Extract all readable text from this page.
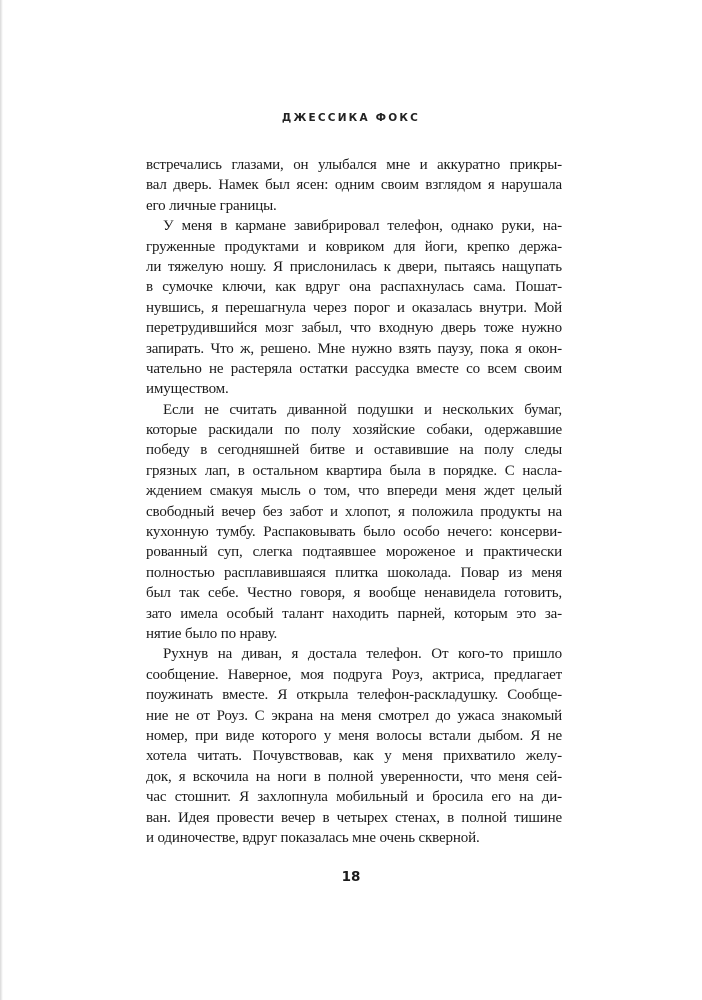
ДЖЕССИКА ФОКС
встречались глазами, он улыбался мне и аккуратно прикры-
вал дверь. Намек был ясен: одним своим взглядом я нарушала
его личные границы.
У меня в кармане завибрировал телефон, однако руки, на-
груженные продуктами и ковриком для йоги, крепко держа-
ли тяжелую ношу. Я прислонилась к двери, пытаясь нащупать
в сумочке ключи, как вдруг она распахнулась сама. Пошат-
нувшись, я перешагнула через порог и оказалась внутри. Мой
перетрудившийся мозг забыл, что входную дверь тоже нужно
запирать. Что ж, решено. Мне нужно взять паузу, пока я окон-
чательно не растеряла остатки рассудка вместе со всем своим
имуществом.
Если не считать диванной подушки и нескольких бумаг,
которые раскидали по полу хозяйские собаки, одержавшие
победу в сегодняшней битве и оставившие на полу следы
грязных лап, в остальном квартира была в порядке. С насла-
ждением смакуя мысль о том, что впереди меня ждет целый
свободный вечер без забот и хлопот, я положила продукты на
кухонную тумбу. Распаковывать было особо нечего: консерви-
рованный суп, слегка подтаявшее мороженое и практически
полностью расплавившаяся плитка шоколада. Повар из меня
был так себе. Честно говоря, я вообще ненавидела готовить,
зато имела особый талант находить парней, которым это за-
нятие было по нраву.
Рухнув на диван, я достала телефон. От кого-то пришло
сообщение. Наверное, моя подруга Роуз, актриса, предлагает
поужинать вместе. Я открыла телефон-раскладушку. Сообще-
ние не от Роуз. С экрана на меня смотрел до ужаса знакомый
номер, при виде которого у меня волосы встали дыбом. Я не
хотела читать. Почувствовав, как у меня прихватило желу-
док, я вскочила на ноги в полной уверенности, что меня сей-
час стошнит. Я захлопнула мобильный и бросила его на ди-
ван. Идея провести вечер в четырех стенах, в полной тишине
и одиночестве, вдруг показалась мне очень скверной.
18
